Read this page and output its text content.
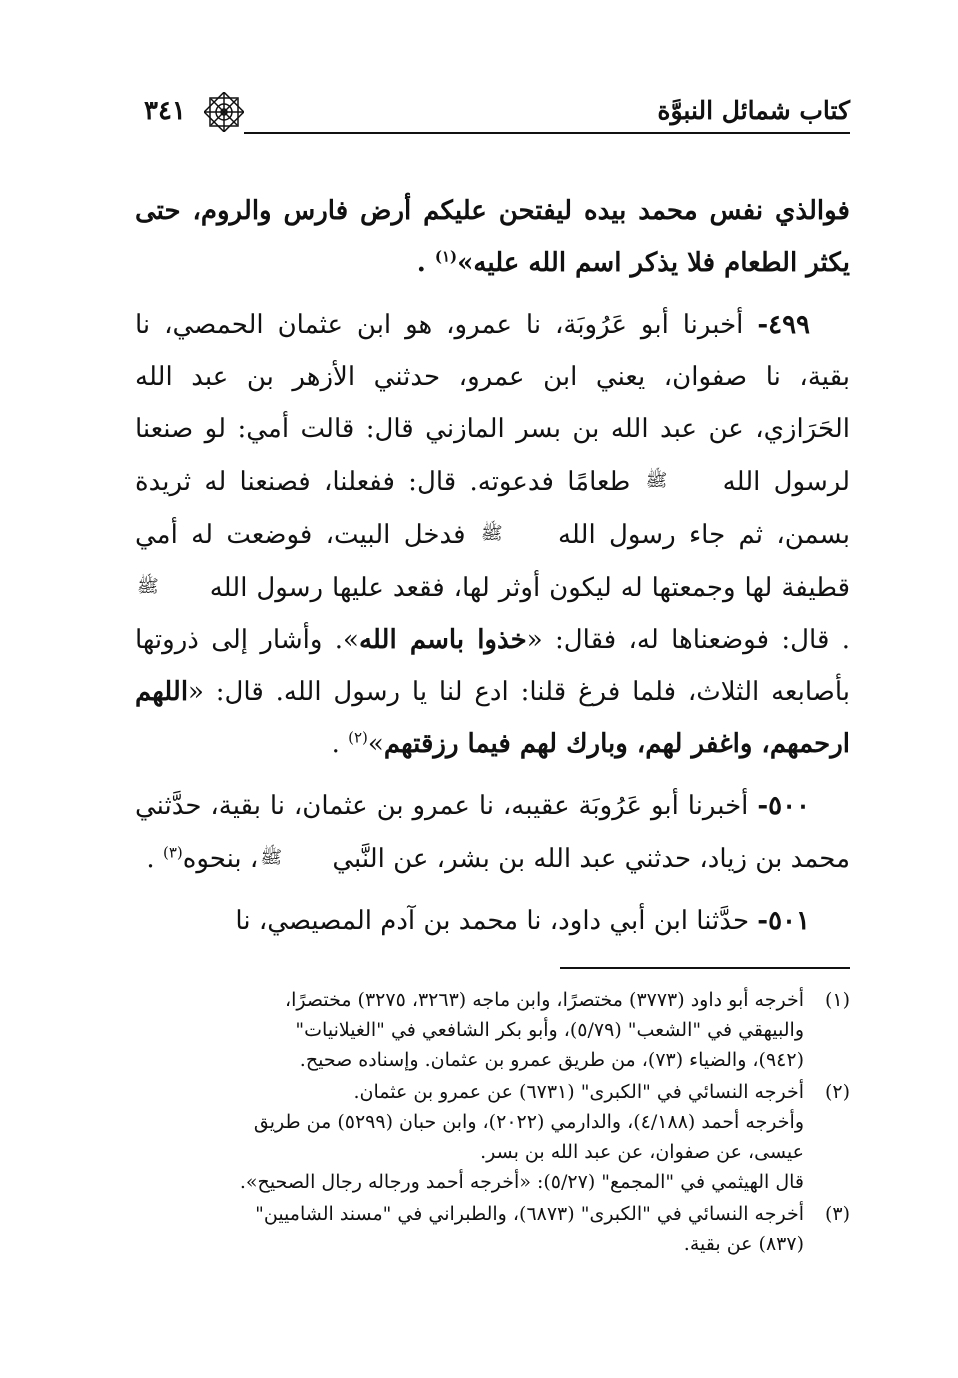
كتاب شمائل النبوَّة
٣٤١

فوالذي نفس محمد بيده ليفتحن عليكم أرض فارس والروم، حتى يكثر الطعام فلا يذكر اسم الله عليه»$^{(١)}$ .

٤٩٩- أخبرنا أبو عَرُوبَة، نا عمرو، هو ابن عثمان الحمصي، نا بقية، نا صفوان، يعني ابن عمرو، حدثني الأزهر بن عبد الله الحَرَازي، عن عبد الله بن بسر المازني قال: قالت أمي: لو صنعنا لرسول الله ﷺ طعامًا فدعوته. قال: ففعلنا، فصنعنا له ثريدة بسمن، ثم جاء رسول الله ﷺ فدخل البيت، فوضعت له أمي قطيفة لها وجمعتها له ليكون أوثر لها، فقعد عليها رسول الله ﷺ. قال: فوضعناها له، فقال: «خذوا باسم الله». وأشار إلى ذروتها بأصابعه الثلاث، فلما فرغ قلنا: ادع لنا يا رسول الله. قال: «اللهم ارحمهم، واغفر لهم، وبارك لهم فيما رزقتهم»$^{(٢)}$ .

٥٠٠- أخبرنا أبو عَرُوبَة عقيبه، نا عمرو بن عثمان، نا بقية، حدَّثني محمد بن زياد، حدثني عبد الله بن بشر، عن النَّبي ﷺ، بنحوه$^{(٣)}$ .

٥٠١- حدَّثنا ابن أبي داود، نا محمد بن آدم المصيصي، نا

(١)
أخرجه أبو داود (٣٧٧٣) مختصرًا، وابن ماجه (٣٢٦٣، ٣٢٧٥) مختصرًا،
والبيهقي في "الشعب" (٥/٧٩)، وأبو بكر الشافعي في "الغيلانيات"
(٩٤٢)، والضياء (٧٣)، من طريق عمرو بن عثمان. وإسناده صحيح.
(٢)
أخرجه النسائي في "الكبرى" (٦٧٣١) عن عمرو بن عثمان.
وأخرجه أحمد (٤/١٨٨)، والدارمي (٢٠٢٢)، وابن حبان (٥٢٩٩) من طريق
عيسى، عن صفوان، عن عبد الله بن بسر.
قال الهيثمي في "المجمع" (٥/٢٧): «أخرجه أحمد ورجاله رجال الصحيح».
(٣)
أخرجه النسائي في "الكبرى" (٦٨٧٣)، والطبراني في "مسند الشاميين"
(٨٣٧) عن بقية.
